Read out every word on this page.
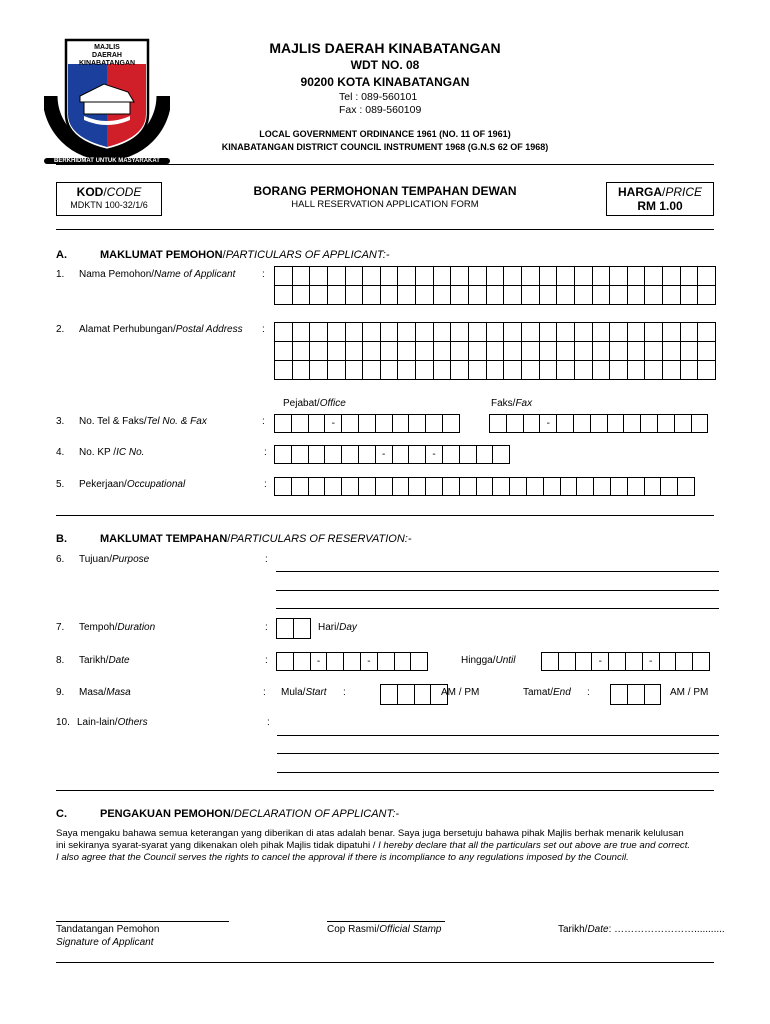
MAJLIS
DAERAH
KINABATANGAN
BERKHIDMAT UNTUK MASYARAKAT
MAJLIS DAERAH KINABATANGAN
WDT NO. 08
90200 KOTA KINABATANGAN
Tel : 089-560101
Fax : 089-560109
LOCAL GOVERNMENT ORDINANCE 1961 (NO. 11 OF 1961)
KINABATANGAN DISTRICT COUNCIL INSTRUMENT 1968 (G.N.S 62 OF 1968)
KOD/CODE
MDKTN 100-32/1/6
BORANG PERMOHONAN TEMPAHAN DEWAN
HALL RESERVATION APPLICATION FORM
HARGA/PRICE
RM 1.00
A.	MAKLUMAT PEMOHON/PARTICULARS OF APPLICANT:-
1. Nama Pemohon/Name of Applicant	:
2. Alamat Perhubungan/Postal Address :
Pejabat/Office	Faks/Fax
3. No. Tel & Faks/Tel No. & Fax	:	-	-
4. No. KP /IC No.	:	-	-
5. Pekerjaan/Occupational	:
B.	MAKLUMAT TEMPAHAN/PARTICULARS OF RESERVATION:-
6. Tujuan/Purpose	:
7. Tempoh/Duration	:	Hari/Day
8. Tarikh/Date	:	-	-	Hingga/Until	-	-
9. Masa/Masa	: Mula/Start :	AM / PM	Tamat/End :	AM / PM
10. Lain-lain/Others	:
C.	PENGAKUAN PEMOHON/DECLARATION OF APPLICANT:-
Saya mengaku bahawa semua keterangan yang diberikan di atas adalah benar. Saya juga bersetuju bahawa pihak Majlis berhak menarik kelulusan
ini sekiranya syarat-syarat yang dikenakan oleh pihak Majlis tidak dipatuhi / I hereby declare that all the particulars set out above are true and correct.
I also agree that the Council serves the rights to cancel the approval if there is incompliance to any regulations imposed by the Council.
Tandatangan Pemohon
Signature of Applicant
Cop Rasmi/Official Stamp	Tarikh/Date: ……………………...........
